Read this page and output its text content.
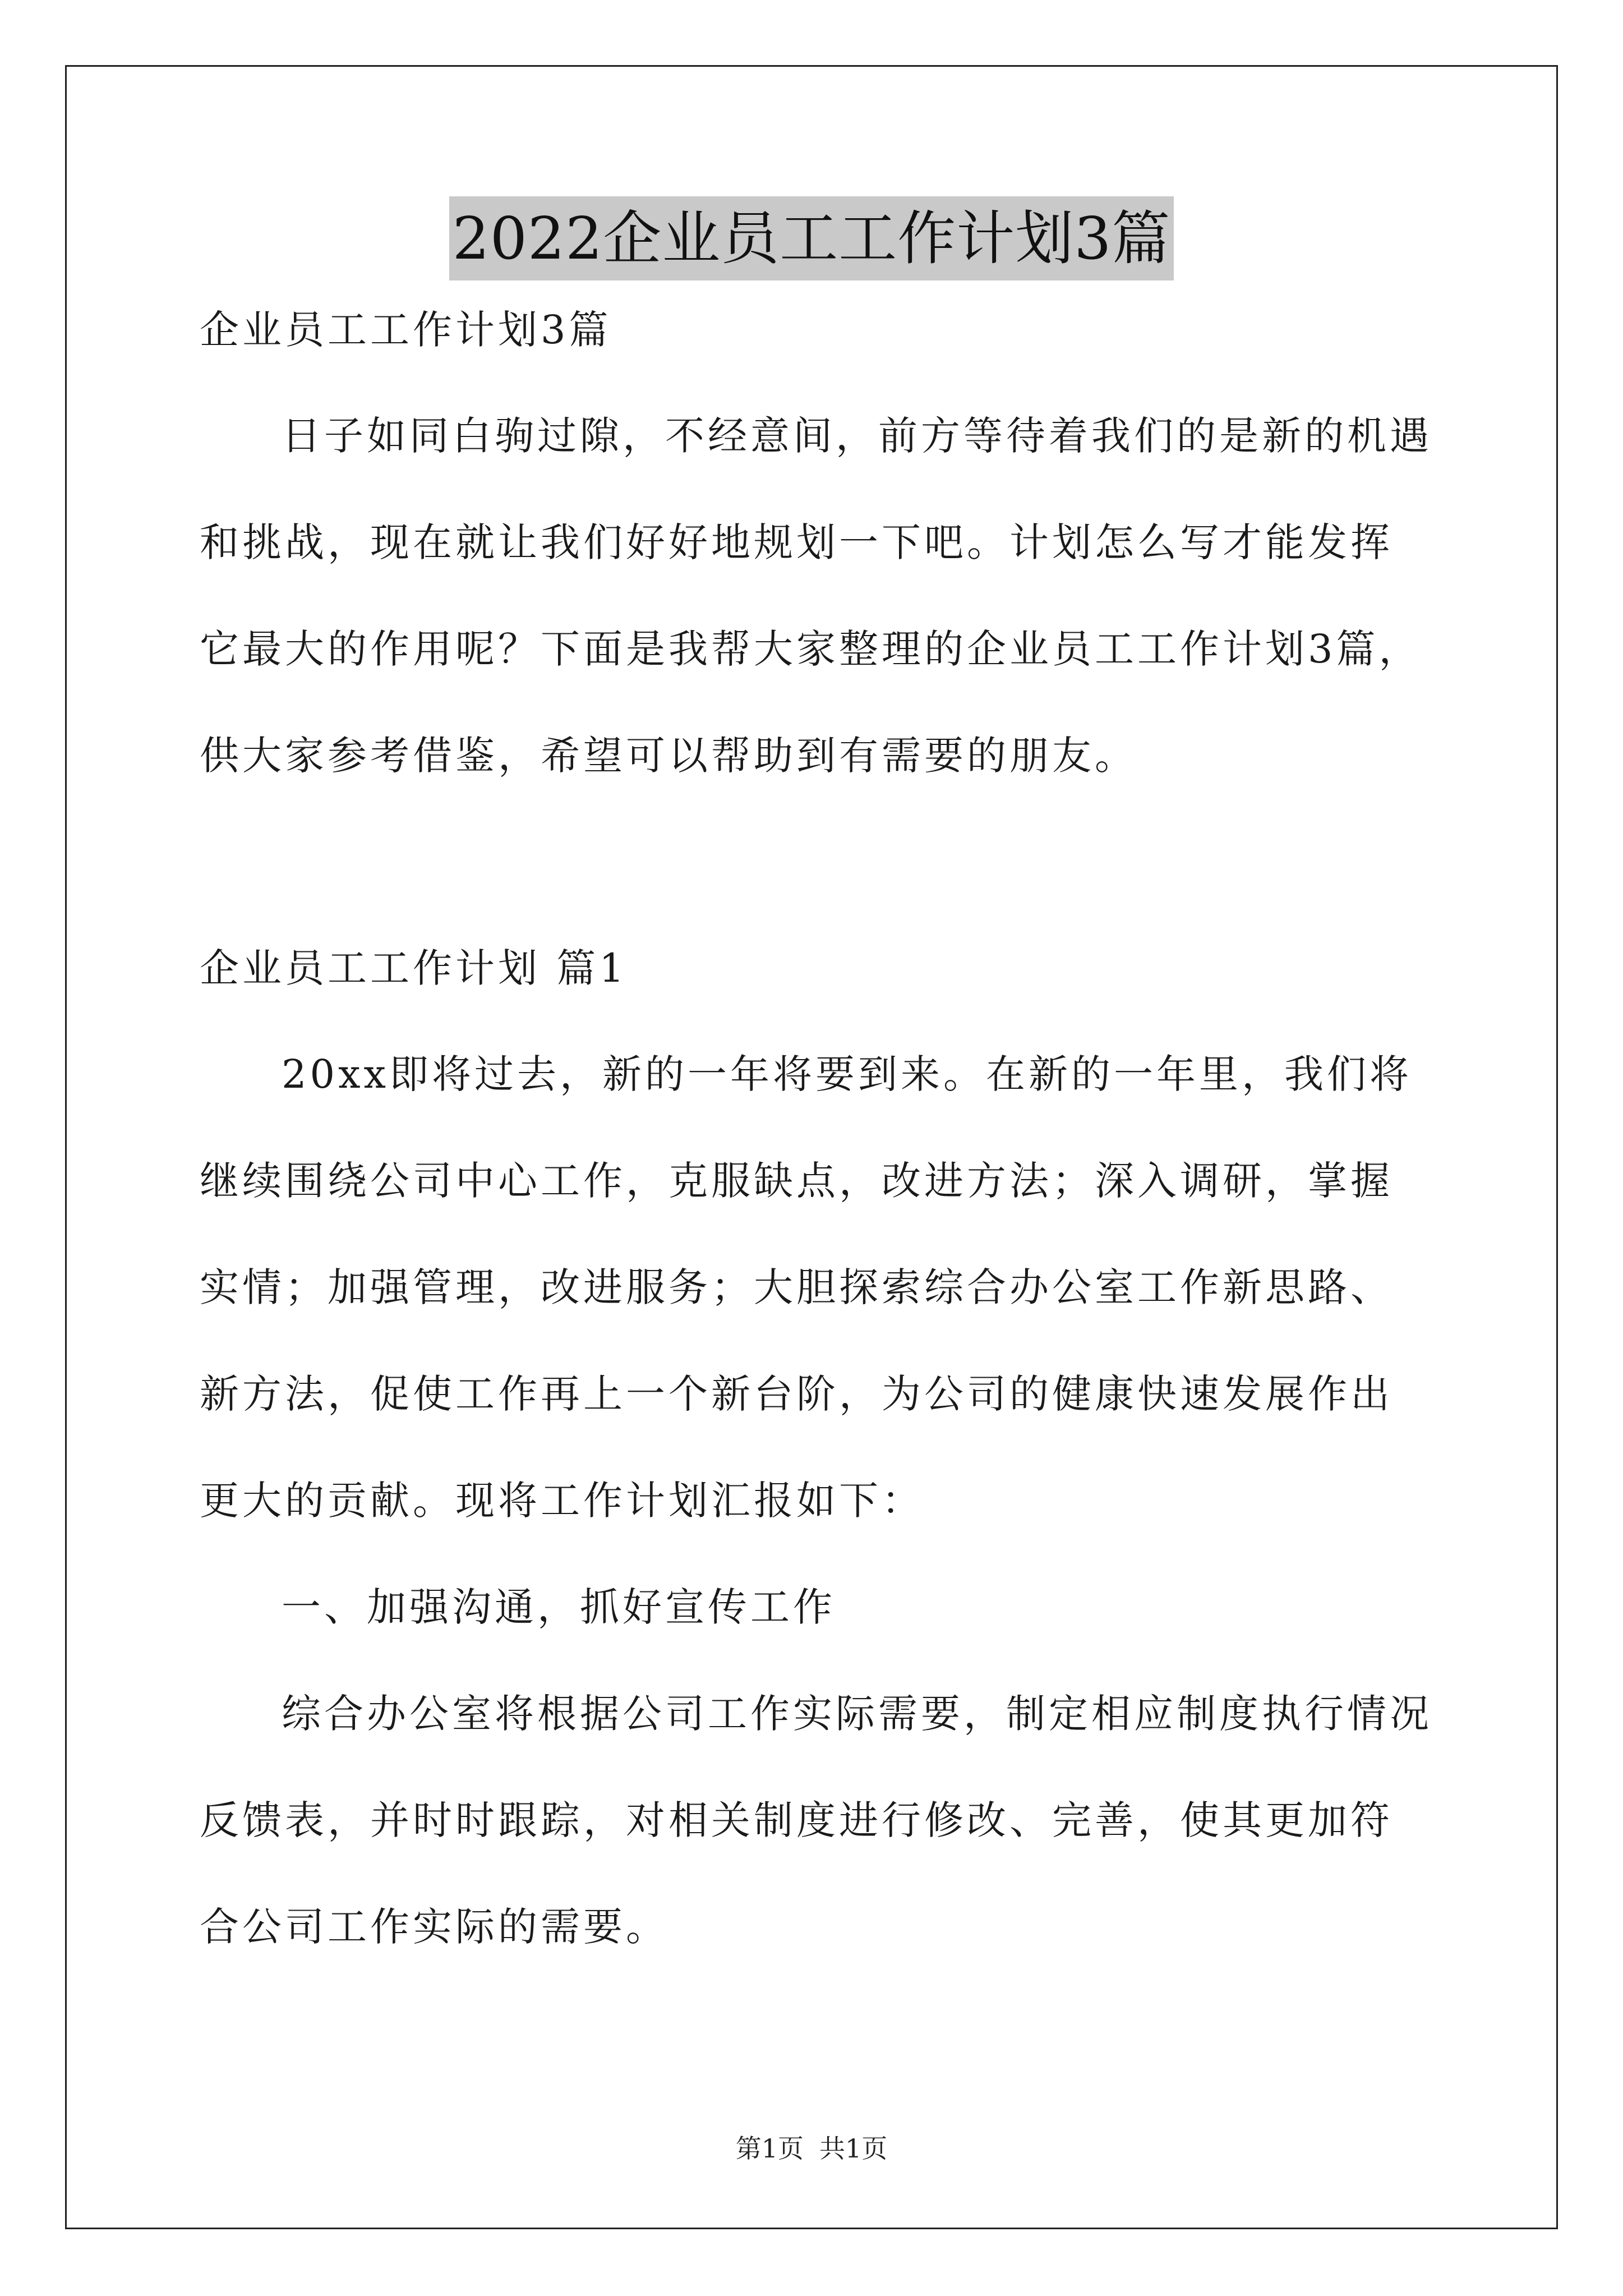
2022企业员工工作计划3篇

企业员工工作计划3篇

日子如同白驹过隙，不经意间，前方等待着我们的是新的机遇和挑战，现在就让我们好好地规划一下吧。计划怎么写才能发挥它最大的作用呢？下面是我帮大家整理的企业员工工作计划3篇，供大家参考借鉴，希望可以帮助到有需要的朋友。

企业员工工作计划 篇1

20xx即将过去，新的一年将要到来。在新的一年里，我们将继续围绕公司中心工作，克服缺点，改进方法；深入调研，掌握实情；加强管理，改进服务；大胆探索综合办公室工作新思路、新方法，促使工作再上一个新台阶，为公司的健康快速发展作出更大的贡献。现将工作计划汇报如下：

一、加强沟通，抓好宣传工作

综合办公室将根据公司工作实际需要，制定相应制度执行情况反馈表，并时时跟踪，对相关制度进行修改、完善，使其更加符合公司工作实际的需要。

第1页 共1页
